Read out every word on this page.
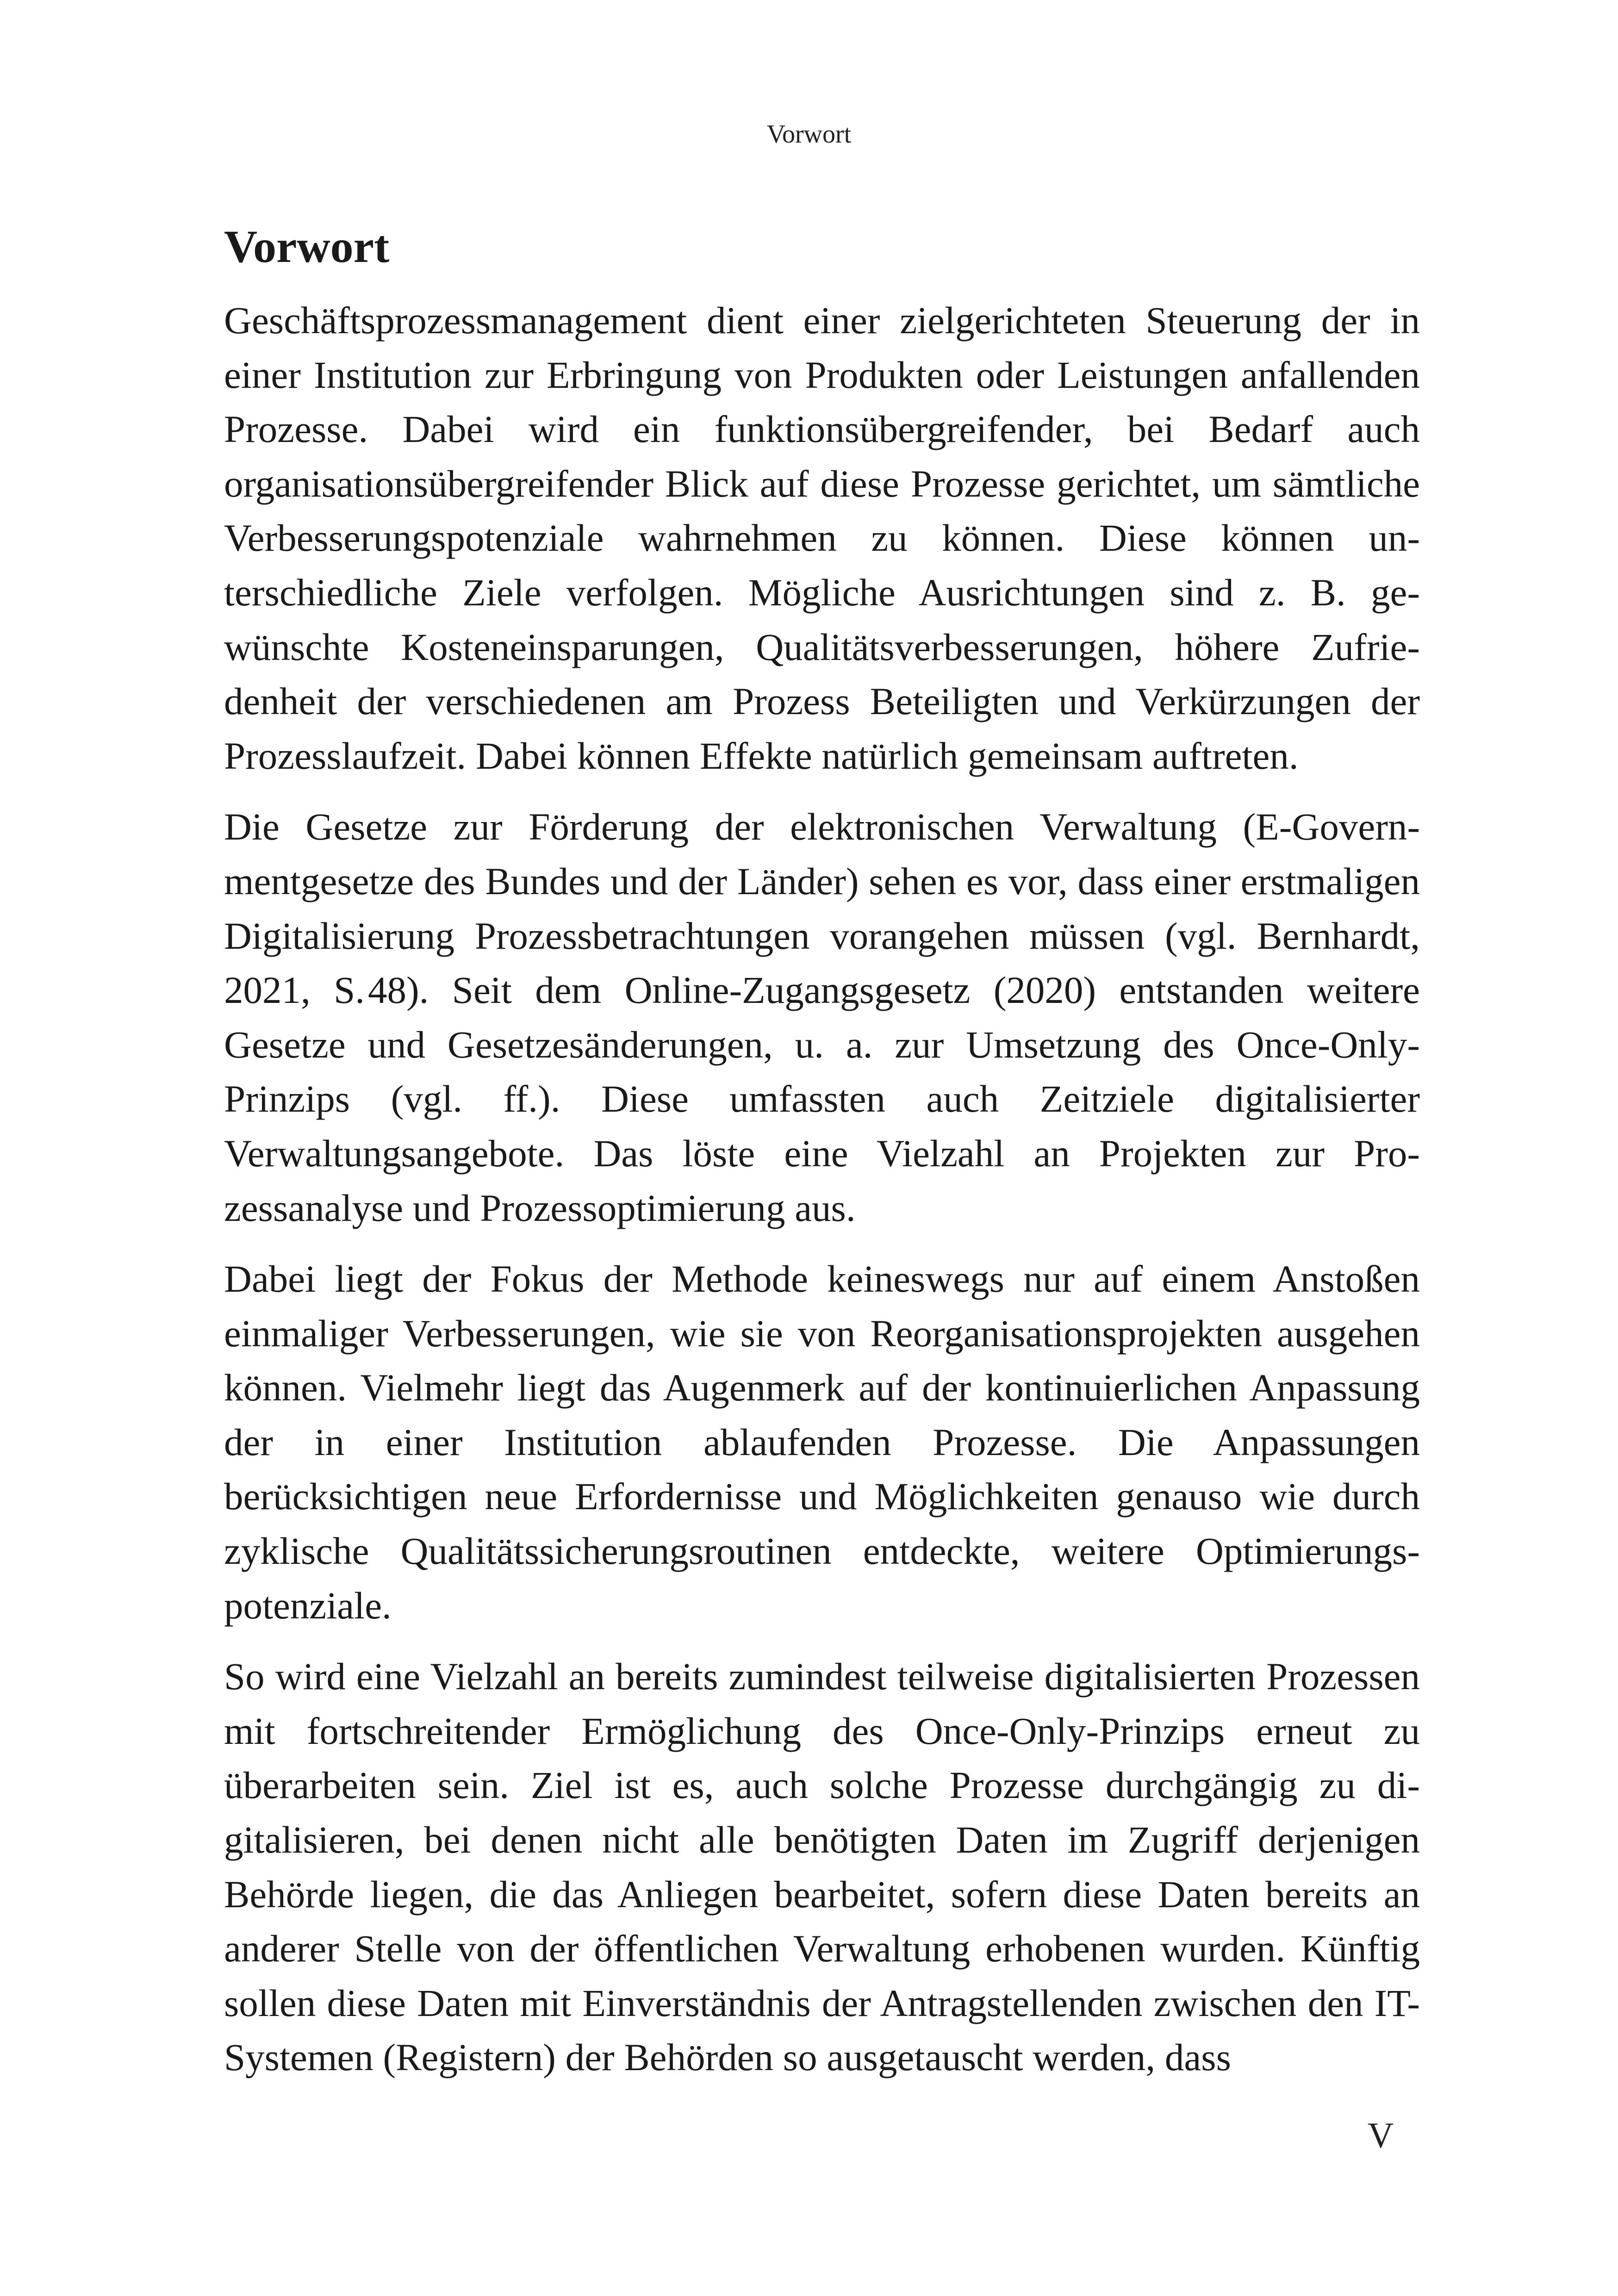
Vorwort
Vorwort

Geschäftsprozessmanagement dient einer zielgerichteten Steuerung der in einer Institution zur Erbringung von Produkten oder Leistungen anfallenden Prozesse. Dabei wird ein funktionsübergreifender, bei Bedarf auch organisationsübergreifender Blick auf diese Prozesse gerichtet, um sämtliche Verbesserungspotenziale wahrnehmen zu können. Diese können unterschiedliche Ziele verfolgen. Mögliche Ausrichtungen sind z. B. gewünschte Kosteneinsparungen, Qualitätsverbesserungen, höhere Zufriedenheit der verschiedenen am Prozess Beteiligten und Verkürzungen der Prozesslaufzeit. Dabei können Effekte natürlich gemeinsam auftreten.

Die Gesetze zur Förderung der elektronischen Verwaltung (E-Governmentgesetze des Bundes und der Länder) sehen es vor, dass einer erstmaligen Digitalisierung Prozessbetrachtungen vorangehen müssen (vgl. Bernhardt, 2021, S. 48). Seit dem Online-Zugangsgesetz (2020) entstanden weitere Gesetze und Gesetzesänderungen, u. a. zur Umsetzung des Once-Only-Prinzips (vgl. ff.). Diese umfassten auch Zeitziele digitalisierter Verwaltungsangebote. Das löste eine Vielzahl an Projekten zur Prozessanalyse und Prozessoptimierung aus.

Dabei liegt der Fokus der Methode keineswegs nur auf einem Anstoßen einmaliger Verbesserungen, wie sie von Reorganisationsprojekten ausgehen können. Vielmehr liegt das Augenmerk auf der kontinuierlichen Anpassung der in einer Institution ablaufenden Prozesse. Die Anpassungen berücksichtigen neue Erfordernisse und Möglichkeiten genauso wie durch zyklische Qualitätssicherungsroutinen entdeckte, weitere Optimierungspotenziale.

So wird eine Vielzahl an bereits zumindest teilweise digitalisierten Prozessen mit fortschreitender Ermöglichung des Once-Only-Prinzips erneut zu überarbeiten sein. Ziel ist es, auch solche Prozesse durchgängig zu digitalisieren, bei denen nicht alle benötigten Daten im Zugriff derjenigen Behörde liegen, die das Anliegen bearbeitet, sofern diese Daten bereits an anderer Stelle von der öffentlichen Verwaltung erhobenen wurden. Künftig sollen diese Daten mit Einverständnis der Antragstellenden zwischen den IT-Systemen (Registern) der Behörden so ausgetauscht werden, dass

V
